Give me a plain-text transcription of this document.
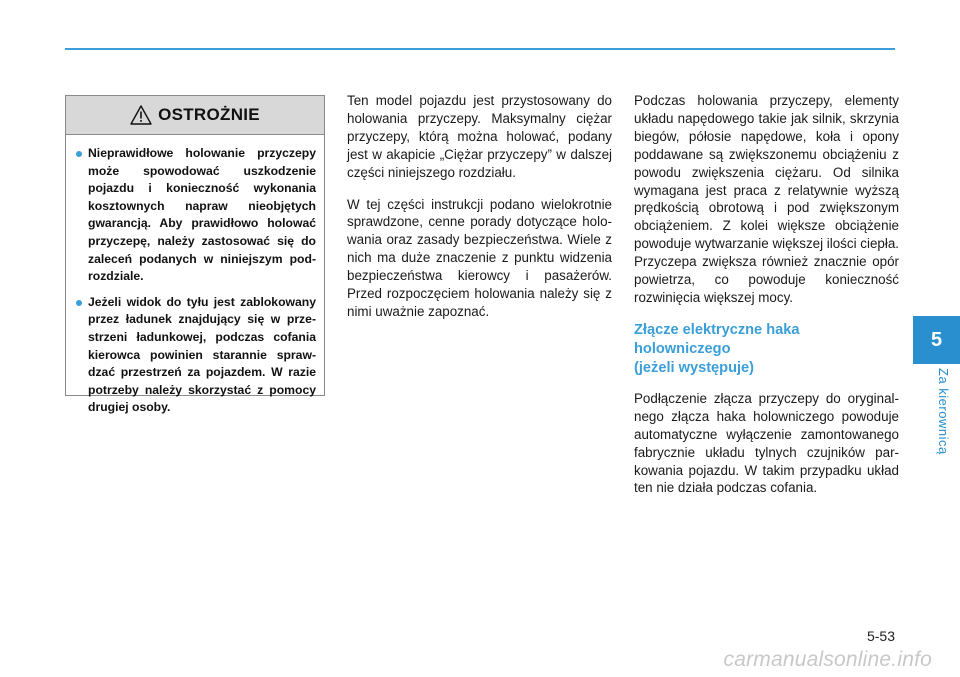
OSTROŻNIE
Nieprawidłowe holowanie przyczepy może spowodować uszkodzenie pojazdu i konieczność wykonania kosztownych napraw nieobjętych gwarancją. Aby prawidłowo holować przyczepę, należy zastosować się do zaleceń podanych w niniejszym podrozdziale.
Jeżeli widok do tyłu jest zablokowany przez ładunek znajdujący się w przestrzeni ładunkowej, podczas cofania kierowca powinien starannie sprawdzać przestrzeń za pojazdem. W razie potrzeby należy skorzystać z pomocy drugiej osoby.

Ten model pojazdu jest przystosowany do holowania przyczepy. Maksymalny ciężar przyczepy, którą można holować, podany jest w akapicie „Ciężar przyczepy” w dalszej części niniejszego rozdziału.

W tej części instrukcji podano wielokrotnie sprawdzone, cenne porady dotyczące holowania oraz zasady bezpieczeństwa. Wiele z nich ma duże znaczenie z punktu widzenia bezpieczeństwa kierowcy i pasażerów. Przed rozpoczęciem holowania należy się z nimi uważnie zapoznać.

Podczas holowania przyczepy, elementy układu napędowego takie jak silnik, skrzynia biegów, półosie napędowe, koła i opony poddawane są zwiększonemu obciążeniu z powodu zwiększenia ciężaru. Od silnika wymagana jest praca z relatywnie wyższą prędkością obrotową i pod zwiększonym obciążeniem. Z kolei większe obciążenie powoduje wytwarzanie większej ilości ciepła. Przyczepa zwiększa również znacznie opór powietrza, co powoduje konieczność rozwinięcia większej mocy.

Złącze elektryczne haka holowniczego
(jeżeli występuje)

Podłączenie złącza przyczepy do oryginalnego złącza haka holowniczego powoduje automatyczne wyłączenie zamontowanego fabrycznie układu tylnych czujników parkowania pojazdu. W takim przypadku układ ten nie działa podczas cofania.

5
Za kierownicą
5-53
carmanualsonline.info
